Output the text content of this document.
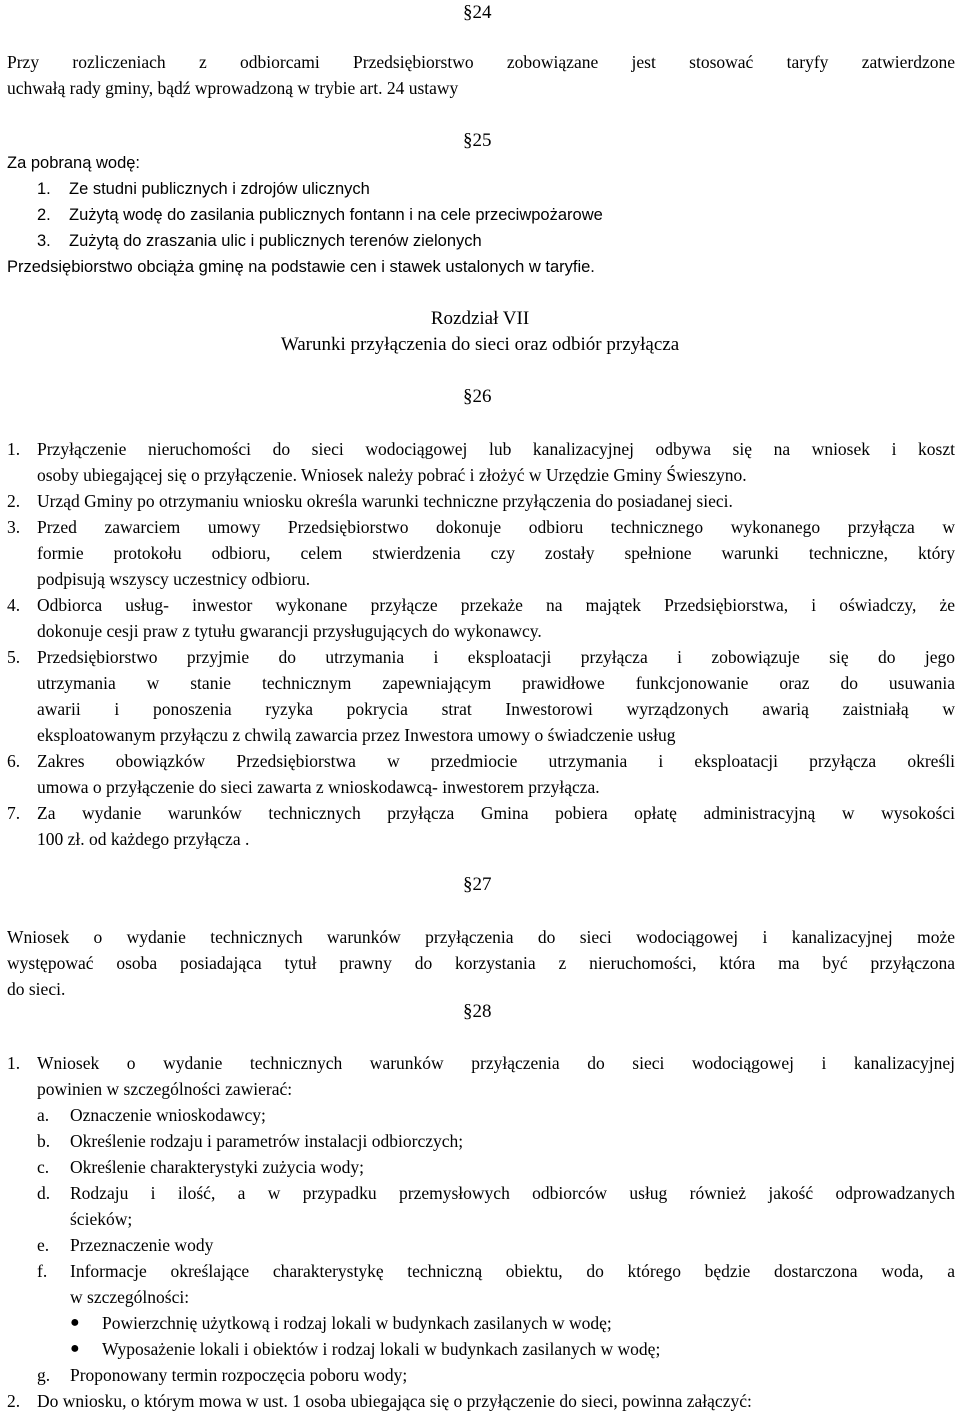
§24
Przy rozliczeniach z odbiorcami Przedsiębiorstwo zobowiązane jest stosować taryfy zatwierdzone
uchwałą rady gminy, bądź wprowadzoną w trybie art. 24 ustawy
§25
Za pobraną wodę:
1. Ze studni publicznych i zdrojów ulicznych
2. Zużytą wodę do zasilania publicznych fontann i na cele przeciwpożarowe
3. Zużytą do zraszania ulic i publicznych terenów zielonych
Przedsiębiorstwo obciąża gminę na podstawie cen i stawek ustalonych w taryfie.
Rozdział VII
Warunki przyłączenia do sieci oraz odbiór przyłącza
§26
1. Przyłączenie nieruchomości do sieci wodociągowej lub kanalizacyjnej odbywa się na wniosek i koszt
osoby ubiegającej się o przyłączenie. Wniosek należy pobrać i złożyć w Urzędzie Gminy Świeszyno.
2. Urząd Gminy po otrzymaniu wniosku określa warunki techniczne przyłączenia do posiadanej sieci.
3. Przed zawarciem umowy Przedsiębiorstwo dokonuje odbioru technicznego wykonanego przyłącza w
formie protokołu odbioru, celem stwierdzenia czy zostały spełnione warunki techniczne, który
podpisują wszyscy uczestnicy odbioru.
4. Odbiorca usług- inwestor wykonane przyłącze przekaże na majątek Przedsiębiorstwa, i oświadczy, że
dokonuje cesji praw z tytułu gwarancji przysługujących do wykonawcy.
5. Przedsiębiorstwo przyjmie do utrzymania i eksploatacji przyłącza i zobowiązuje się do jego
utrzymania w stanie technicznym zapewniającym prawidłowe funkcjonowanie oraz do usuwania
awarii i ponoszenia ryzyka pokrycia strat Inwestorowi wyrządzonych awarią zaistniałą w
eksploatowanym przyłączu z chwilą zawarcia przez Inwestora umowy o świadczenie usług
6. Zakres obowiązków Przedsiębiorstwa w przedmiocie utrzymania i eksploatacji przyłącza określi
umowa o przyłączenie do sieci zawarta z wnioskodawcą- inwestorem przyłącza.
7. Za wydanie warunków technicznych przyłącza Gmina pobiera opłatę administracyjną w wysokości
100 zł. od każdego przyłącza .
§27
Wniosek o wydanie technicznych warunków przyłączenia do sieci wodociągowej i kanalizacyjnej może
występować osoba posiadająca tytuł prawny do korzystania z nieruchomości, która ma być przyłączona
do sieci.
§28
1. Wniosek o wydanie technicznych warunków przyłączenia do sieci wodociągowej i kanalizacyjnej
powinien w szczególności zawierać:
a. Oznaczenie wnioskodawcy;
b. Określenie rodzaju i parametrów instalacji odbiorczych;
c. Określenie charakterystyki zużycia wody;
d. Rodzaju i ilość, a w przypadku przemysłowych odbiorców usług również jakość odprowadzanych
ścieków;
e. Przeznaczenie wody
f. Informacje określające charakterystykę techniczną obiektu, do którego będzie dostarczona woda, a
w szczególności:
● Powierzchnię użytkową i rodzaj lokali w budynkach zasilanych w wodę;
● Wyposażenie lokali i obiektów i rodzaj lokali w budynkach zasilanych w wodę;
g. Proponowany termin rozpoczęcia poboru wody;
2. Do wniosku, o którym mowa w ust. 1 osoba ubiegająca się o przyłączenie do sieci, powinna załączyć:
